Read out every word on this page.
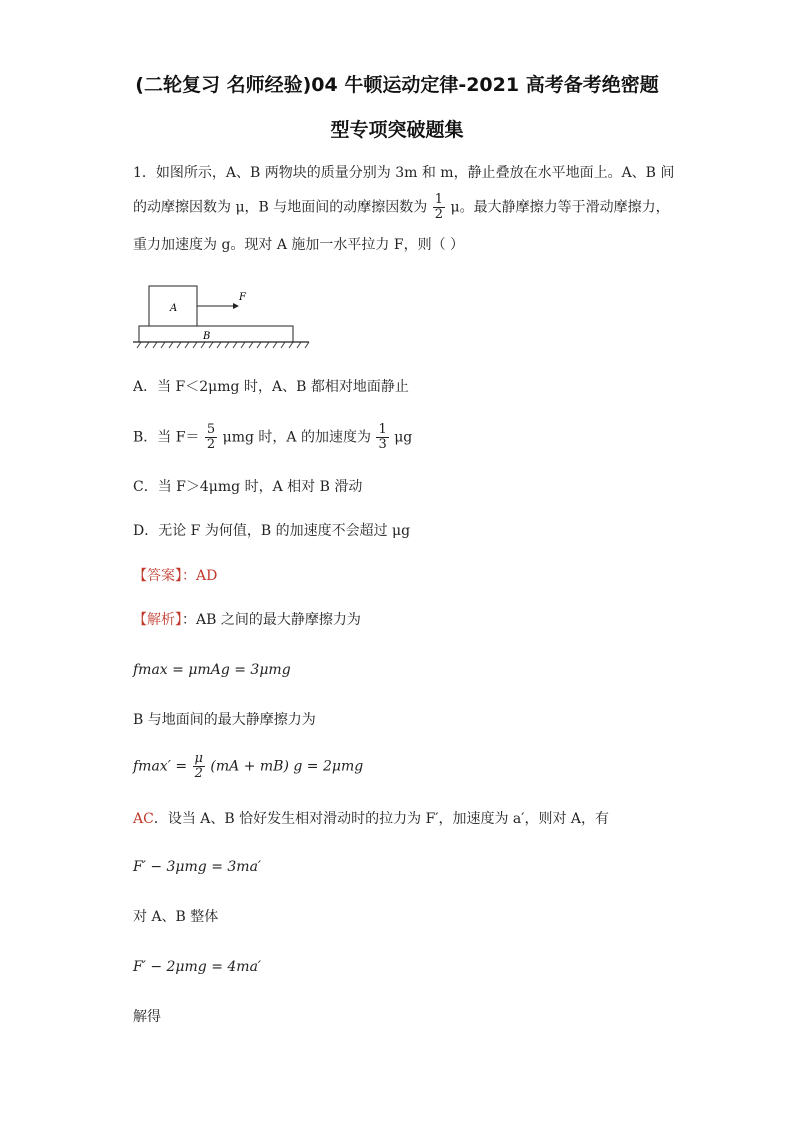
(二轮复习 名师经验)04 牛顿运动定律-2021 高考备考绝密题
型专项突破题集
1．如图所示，A、B 两物块的质量分别为 3m 和 m，静止叠放在水平地面上。A、B 间
的动摩擦因数为 μ，B 与地面间的动摩擦因数为 $\frac{1}{2}$ μ。最大静摩擦力等于滑动摩擦力，
重力加速度为 g。现对 A 施加一水平拉力 F，则（ ）
A
B
F
A．当 F＜2μmg 时，A、B 都相对地面静止
B．当 $F= \frac{5}{2}$ μmg 时，A 的加速度为 $\frac{1}{3}$ μg
C．当 F＞4μmg 时，A 相对 B 滑动
D．无论 F 为何值，B 的加速度不会超过 μg
【答案】：AD
【解析】：AB 之间的最大静摩擦力为
fmax = μmAg = 3μmg
B 与地面间的最大静摩擦力为
$fmax' = \frac{\mu}{2} (mA + mB) g = 2\mu mg$
AC．设当 A、B 恰好发生相对滑动时的拉力为 F′，加速度为 a′，则对 A，有
F′ − 3μmg = 3ma′
对 A、B 整体
F′ − 2μmg = 4ma′
解得
